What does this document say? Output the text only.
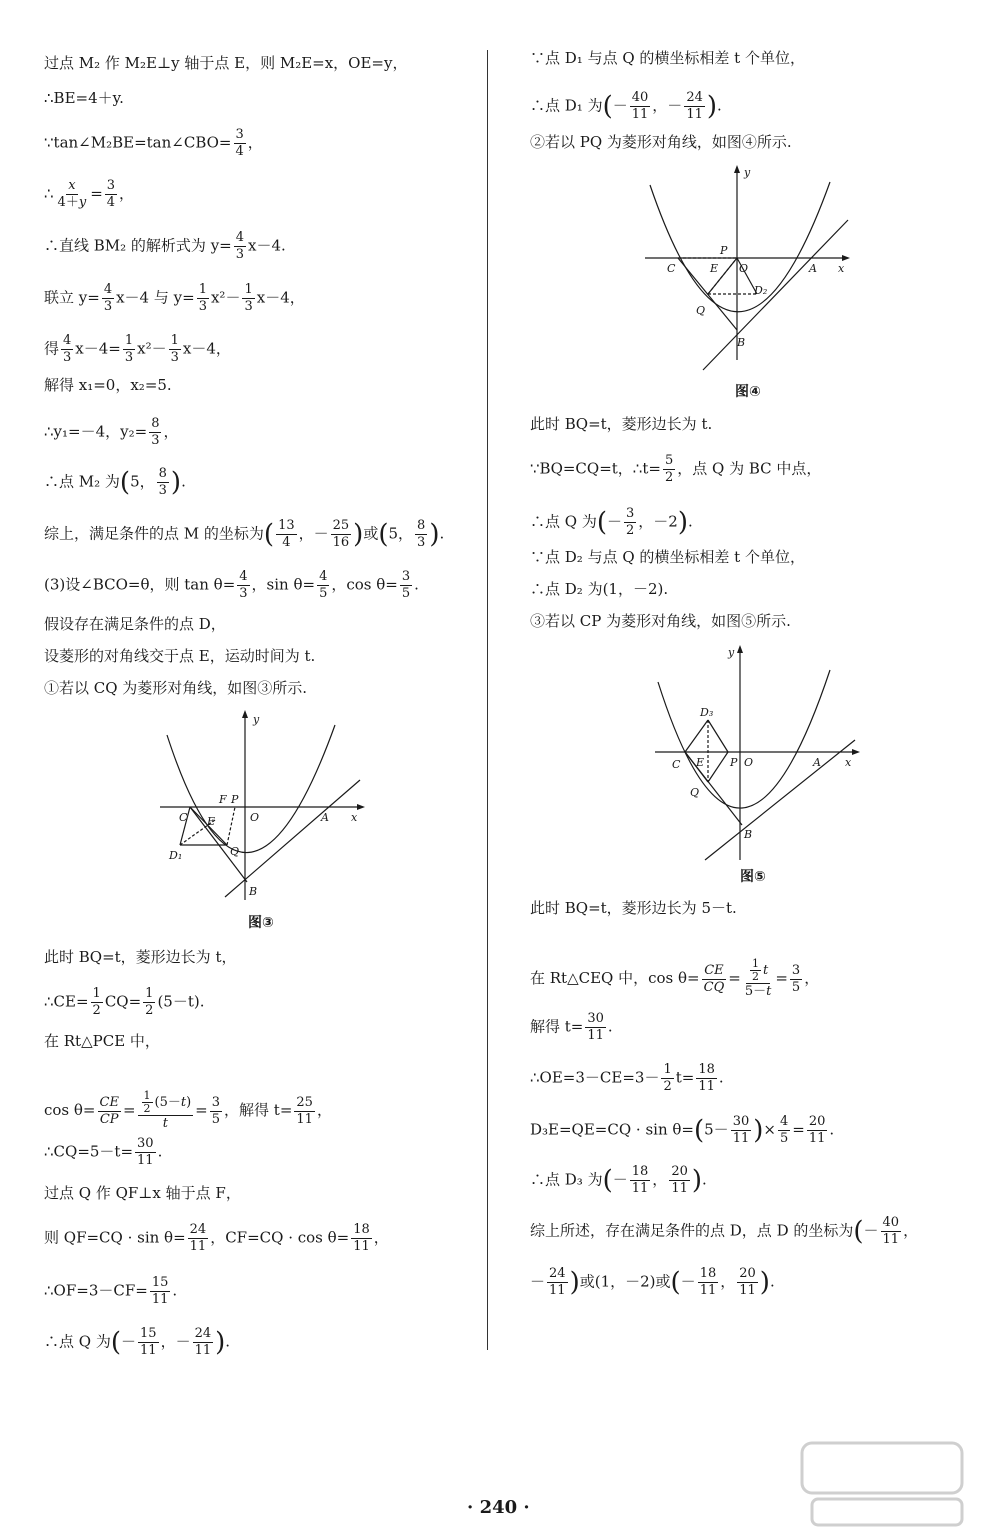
过点 M₂ 作 M₂E⊥y 轴于点 E，则 M₂E=x，OE=y，
∴BE=4＋y.
∵tan∠M₂BE=tan∠CBO= $\frac{3}{4}$ ，
∴ $\frac{x}{4+y} = \frac{3}{4}$ ，
∴直线 BM₂ 的解析式为 $y= \frac{4}{3} x-4$.
联立 $y= \frac{4}{3} x-4$ 与 $y= \frac{1}{3} x^2- \frac{1}{3} x-4$，
得 $\frac{4}{3} x-4= \frac{1}{3} x^2- \frac{1}{3} x-4$，
解得 x₁=0，x₂=5.
∴y₁=－4，$y_2= \frac{8}{3}$ ，
∴点 M₂ 为(5， $\frac{8}{3}$ ).
综上，满足条件的点 M 的坐标为( $\frac{13}{4}$ ，－ $\frac{25}{16}$ )或(5， $\frac{8}{3}$ ).
(3)设∠BCO=θ，则 $\tan \theta= \frac{4}{3}$ ，$\sin \theta= \frac{4}{5}$ ，$\cos \theta= \frac{3}{5}$ .
假设存在满足条件的点 D，
设菱形的对角线交于点 E，运动时间为 t.
①若以 CQ 为菱形对角线，如图③所示.
此时 BQ=t，菱形边长为 t，
∴CE= $\frac{1}{2} CQ= \frac{1}{2} (5-t)$.
在 Rt△PCE 中，
$\cos \theta= \frac{CE}{CP} = \frac{\frac{1}{2} (5-t)}{t} = \frac{3}{5}$ ，解得 $t= \frac{25}{11}$ ，
∴CQ=5－t= $\frac{30}{11}$ .
过点 Q 作 QF⊥x 轴于点 F，
则 $QF=CQ \cdot \sin \theta= \frac{24}{11}$ ，$CF=CQ \cdot \cos \theta= \frac{18}{11}$ ，
∴OF=3－CF= $\frac{15}{11}$ .
∴点 Q 为(－ $\frac{15}{11}$ ，－ $\frac{24}{11}$ ).
y
x
O	A
B
C
F P
E
Q
D₁
图③
∵点 D₁ 与点 Q 的横坐标相差 t 个单位，
∴点 D₁ 为(－ $\frac{40}{11}$ ，－ $\frac{24}{11}$ ).
②若以 PQ 为菱形对角线，如图④所示.
此时 BQ=t，菱形边长为 t.
∵BQ=CQ=t，∴t= $\frac{5}{2}$ ，点 Q 为 BC 中点，
∴点 Q 为(－ $\frac{3}{2}$ ，－2).
∵点 D₂ 与点 Q 的横坐标相差 t 个单位，
∴点 D₂ 为(1，－2).
③若以 CP 为菱形对角线，如图⑤所示.
此时 BQ=t，菱形边长为 5－t.
在 Rt△CEQ 中，$\cos \theta= \frac{CE}{CQ} = \frac{\frac{1}{2} t}{5-t} = \frac{3}{5}$ ，
解得 $t= \frac{30}{11}$ .
∴OE=3－CE=3－ $\frac{1}{2} t= \frac{18}{11}$ .
$D_3E=QE=CQ \cdot \sin \theta=(5- \frac{30}{11}$ )× $\frac{4}{5} = \frac{20}{11}$ .
∴点 D₃ 为(－ $\frac{18}{11}$ ， $\frac{20}{11}$ ).
综上所述，存在满足条件的点 D，点 D 的坐标为(－ $\frac{40}{11}$ ，
－ $\frac{24}{11}$ )或(1，－2)或(－ $\frac{18}{11}$ ， $\frac{20}{11}$ ).
y
x
O	A
B
C
P
E
Q
D₂
图④
y
x
O	A
B
C	P
E
Q
D₃
图⑤
· 240 ·
